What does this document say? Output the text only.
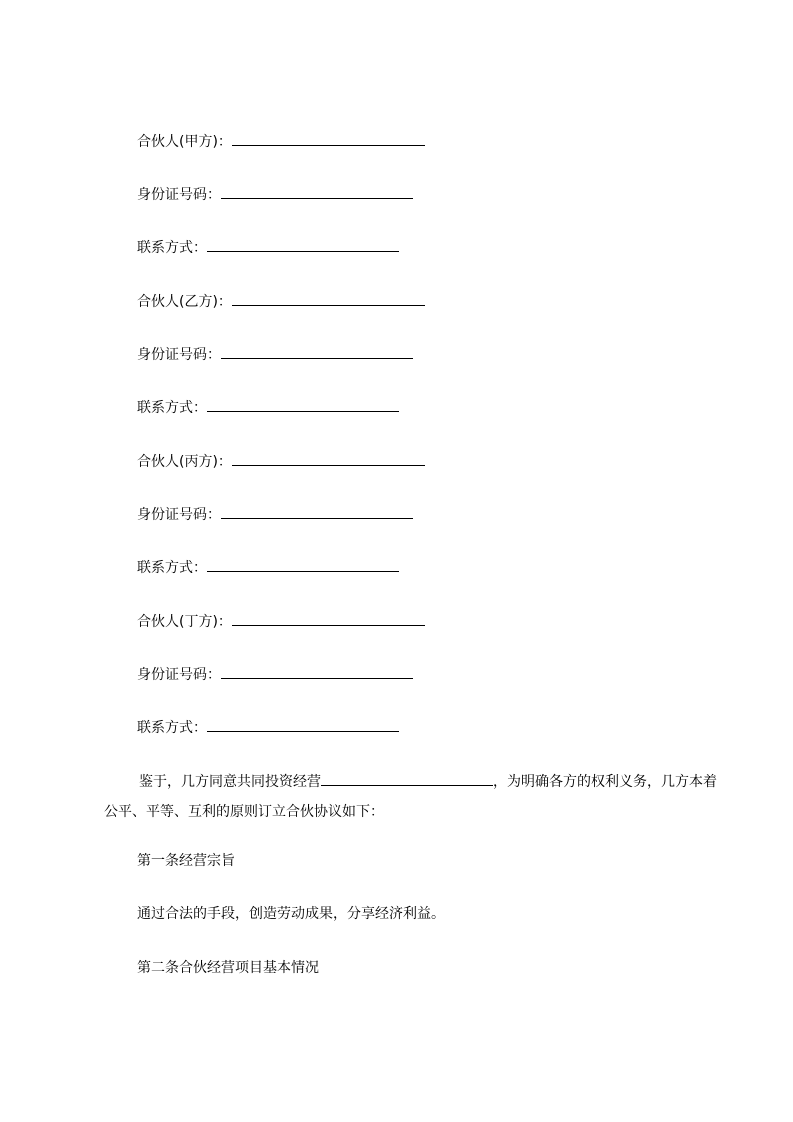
合伙人(甲方)：
身份证号码：
联系方式：
合伙人(乙方)：
身份证号码：
联系方式：
合伙人(丙方)：
身份证号码：
联系方式：
合伙人(丁方)：
身份证号码：
联系方式：
鉴于，几方同意共同投资经营	，为明确各方的权利义务，几方本着公平、平等、互利的原则订立合伙协议如下：
第一条经营宗旨
通过合法的手段，创造劳动成果，分享经济利益。
第二条合伙经营项目基本情况
